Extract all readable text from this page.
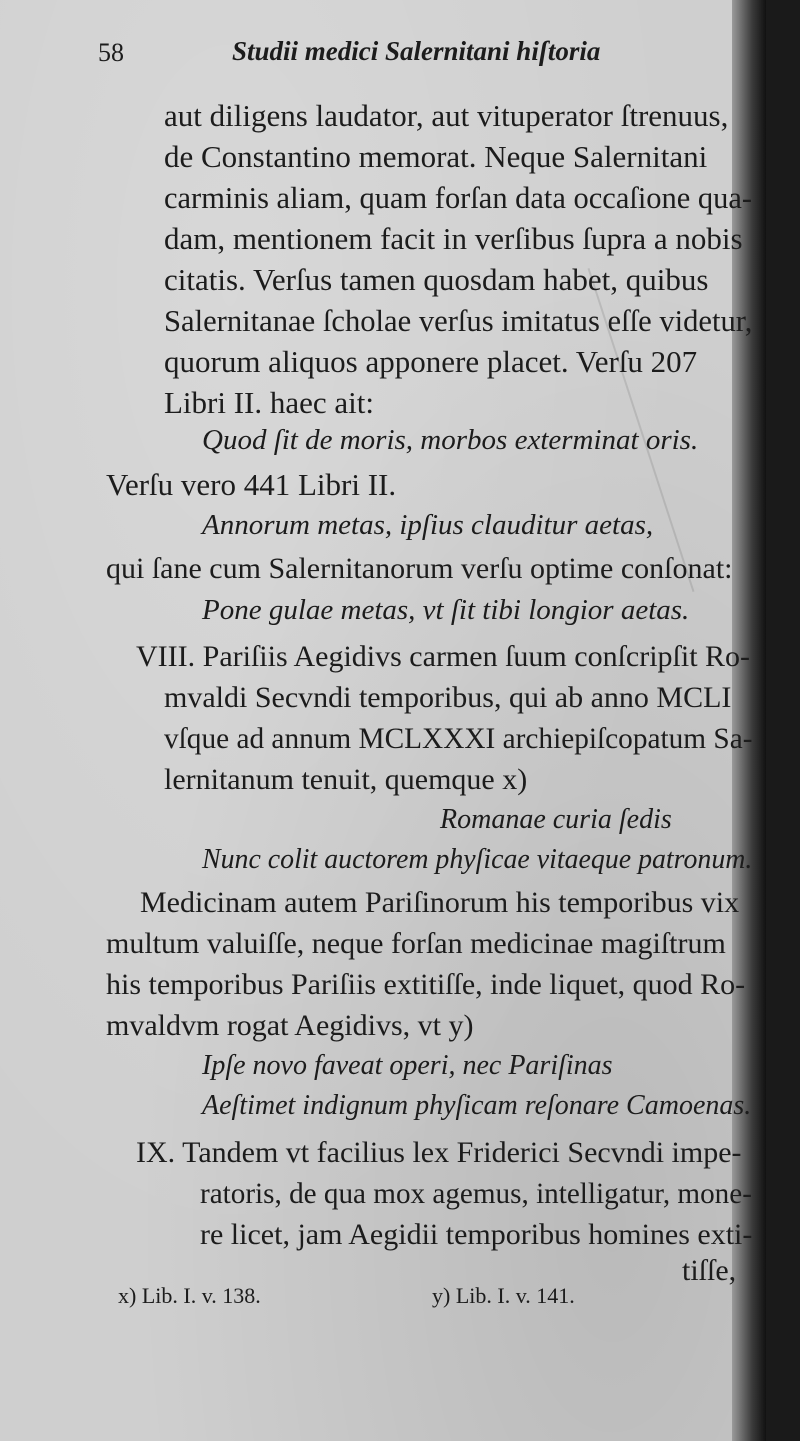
58	Studii medici Salernitani hiſtoria
aut diligens laudator, aut vituperator ſtrenuus,
de Constantino memorat. Neque Salernitani
carminis aliam, quam forſan data occaſione qua-
dam, mentionem facit in verſibus ſupra a nobis
citatis. Verſus tamen quosdam habet, quibus
Salernitanae ſcholae verſus imitatus eſſe videtur,
quorum aliquos apponere placet. Verſu 207
Libri II. haec ait:
Quod ſit de moris, morbos exterminat oris.
Verſu vero 441 Libri II.
Annorum metas, ipſius clauditur aetas,
qui ſane cum Salernitanorum verſu optime conſonat:
Pone gulae metas, vt ſit tibi longior aetas.
VIII. Pariſiis Aegidivs carmen ſuum conſcripſit Ro-
mvaldi Secvndi temporibus, qui ab anno MCLI
vſque ad annum MCLXXXI archiepiſcopatum Sa-
lernitanum tenuit, quemque x)
Romanae curia ſedis
Nunc colit auctorem phyſicae vitaeque patronum.
Medicinam autem Pariſinorum his temporibus vix
multum valuiſſe, neque forſan medicinae magiſtrum
his temporibus Pariſiis extitiſſe, inde liquet, quod Ro-
mvaldvm rogat Aegidivs, vt y)
Ipſe novo faveat operi, nec Pariſinas
Aeſtimet indignum phyſicam reſonare Camoenas.
IX. Tandem vt facilius lex Friderici Secvndi impe-
ratoris, de qua mox agemus, intelligatur, mone-
re licet, jam Aegidii temporibus homines exti-
tiſſe,
x) Lib. I. v. 138.	y) Lib. I. v. 141.
